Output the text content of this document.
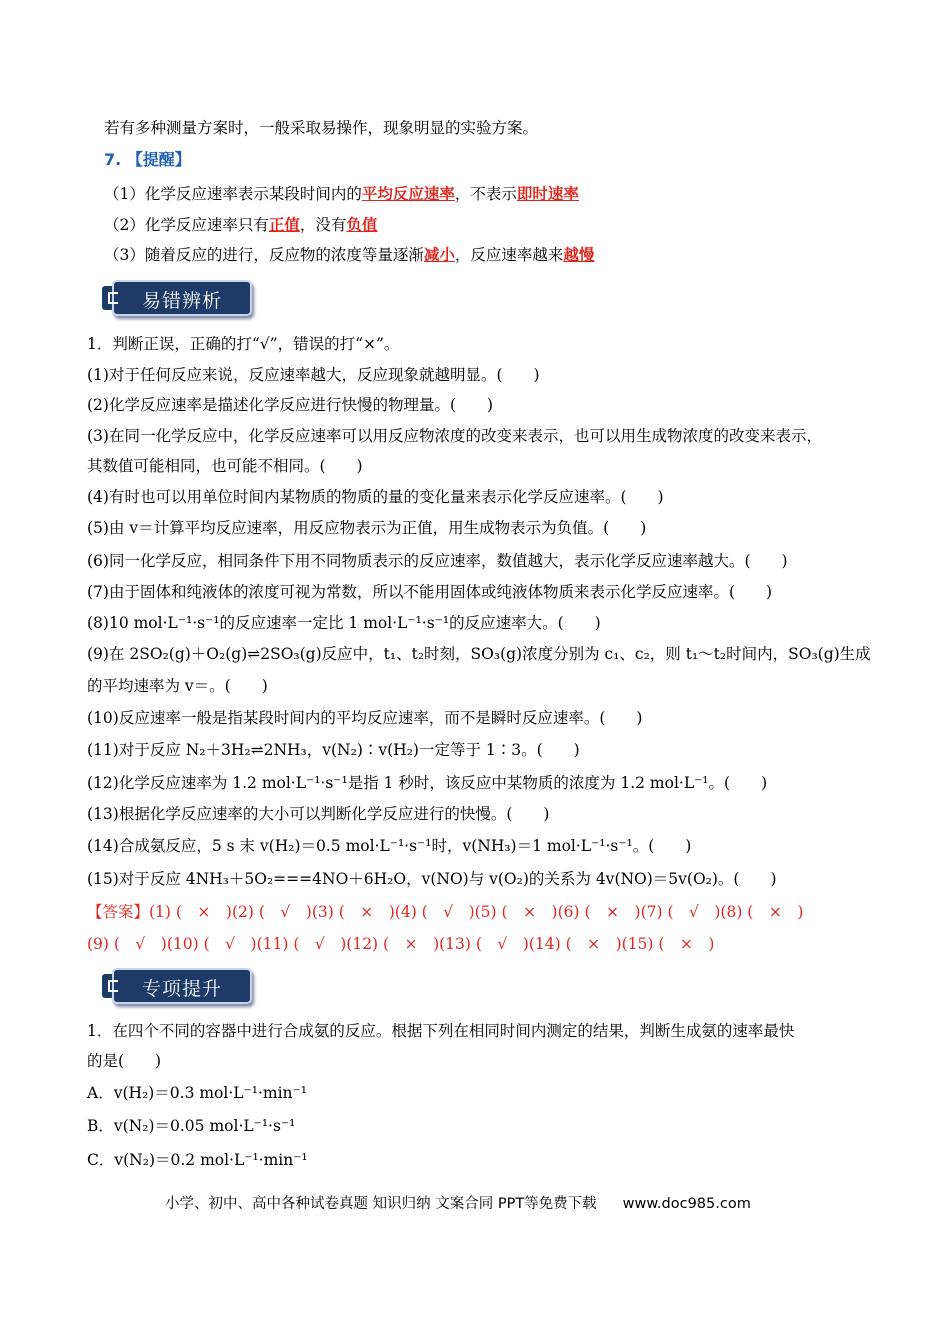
若有多种测量方案时，一般采取易操作，现象明显的实验方案。
7. 【提醒】
（1）化学反应速率表示某段时间内的平均反应速率，不表示即时速率
（2）化学反应速率只有正值，没有负值
（3）随着反应的进行，反应物的浓度等量逐渐减小，反应速率越来越慢
易错辨析
1．判断正误，正确的打“√”，错误的打“×”。
(1)对于任何反应来说，反应速率越大，反应现象就越明显。(　　)
(2)化学反应速率是描述化学反应进行快慢的物理量。(　　)
(3)在同一化学反应中，化学反应速率可以用反应物浓度的改变来表示，也可以用生成物浓度的改变来表示，
其数值可能相同，也可能不相同。(　　)
(4)有时也可以用单位时间内某物质的物质的量的变化量来表示化学反应速率。(　　)
(5)由 v＝计算平均反应速率，用反应物表示为正值，用生成物表示为负值。(　　)
(6)同一化学反应，相同条件下用不同物质表示的反应速率，数值越大，表示化学反应速率越大。(　　)
(7)由于固体和纯液体的浓度可视为常数，所以不能用固体或纯液体物质来表示化学反应速率。(　　)
(8)10 mol·L⁻¹·s⁻¹的反应速率一定比 1 mol·L⁻¹·s⁻¹的反应速率大。(　　)
(9)在 2SO₂(g)＋O₂(g)⇌2SO₃(g)反应中，t₁、t₂时刻，SO₃(g)浓度分别为 c₁、c₂，则 t₁～t₂时间内，SO₃(g)生成
的平均速率为 v＝。(　　)
(10)反应速率一般是指某段时间内的平均反应速率，而不是瞬时反应速率。(　　)
(11)对于反应 N₂＋3H₂⇌2NH₃，v(N₂)∶v(H₂)一定等于 1∶3。(　　)
(12)化学反应速率为 1.2 mol·L⁻¹·s⁻¹是指 1 秒时，该反应中某物质的浓度为 1.2 mol·L⁻¹。(　　)
(13)根据化学反应速率的大小可以判断化学反应进行的快慢。(　　)
(14)合成氨反应，5 s 末 v(H₂)＝0.5 mol·L⁻¹·s⁻¹时，v(NH₃)＝1 mol·L⁻¹·s⁻¹。(　　)
(15)对于反应 4NH₃＋5O₂===4NO＋6H₂O，v(NO)与 v(O₂)的关系为 4v(NO)＝5v(O₂)。(　　)
【答案】(1) (　×　)(2) (　√　)(3) (　×　)(4) (　√　)(5) (　×　)(6) (　×　)(7) (　√　)(8) (　×　)
(9) (　√　)(10) (　√　)(11) (　√　)(12) (　×　)(13) (　√　)(14) (　×　)(15) (　×　)
专项提升
1．在四个不同的容器中进行合成氨的反应。根据下列在相同时间内测定的结果，判断生成氨的速率最快
的是(　　)
A．v(H₂)＝0.3 mol·L⁻¹·min⁻¹
B．v(N₂)＝0.05 mol·L⁻¹·s⁻¹
C．v(N₂)＝0.2 mol·L⁻¹·min⁻¹
小学、初中、高中各种试卷真题 知识归纳 文案合同 PPT等免费下载 www.doc985.com
